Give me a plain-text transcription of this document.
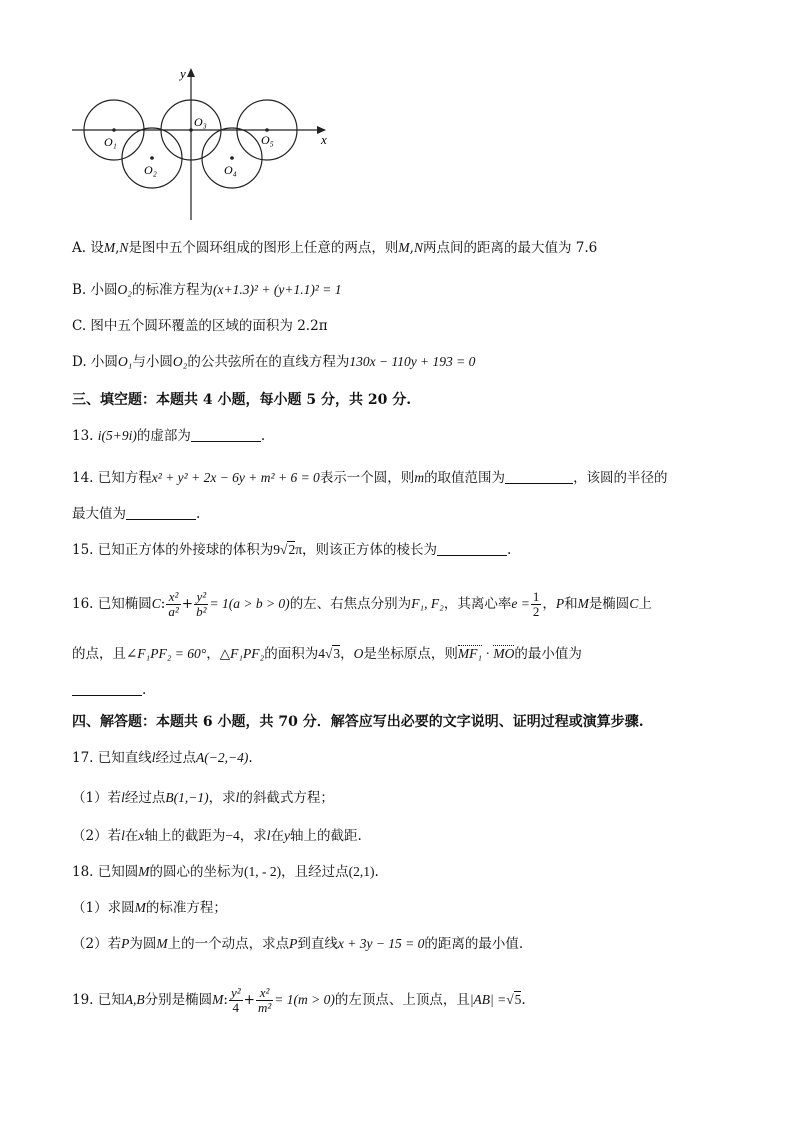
x
y
O₁
O₂
O₃
O₄
O₅
A. 设M,N是图中五个圆环组成的图形上任意的两点，则M,N两点间的距离的最大值为 7.6
B. 小圆O₂的标准方程为(x+1.3)² + (y+1.1)² = 1
C. 图中五个圆环覆盖的区域的面积为 2.2π
D. 小圆O₁与小圆O₂的公共弦所在的直线方程为130x − 110y + 193 = 0
三、填空题：本题共 4 小题，每小题 5 分，共 20 分.
13. i(5+9i)的虚部为	.
14. 已知方程x² + y² + 2x − 6y + m² + 6 = 0表示一个圆，则m的取值范围为	，该圆的半径的
最大值为	.
15. 已知正方体的外接球的体积为9√2π，则该正方体的棱长为	.
16. 已知椭圆C: $\frac{\text{x²}}{\text{a²}} + \frac{\text{y²}}{\text{b²}} = 1(a > b > 0)$的左、右焦点分别为F₁, F₂，其离心率$e = \frac{1}{2}$ ，P和M是椭圆C上
的点，且∠F₁PF₂ = 60°，△F₁PF₂的面积为4√3，O是坐标原点，则MF₁ · MO的最小值为
.
四、解答题：本题共 6 小题，共 70 分．解答应写出必要的文字说明、证明过程或演算步骤.
17. 已知直线l经过点A(−2,−4).
（1）若l经过点B(1,−1)，求l的斜截式方程；
（2）若l在x轴上的截距为−4，求l在y轴上的截距.
18. 已知圆M的圆心的坐标为(1, - 2)，且经过点(2,1).
（1）求圆M的标准方程；
（2）若P为圆M上的一个动点，求点P到直线x + 3y − 15 = 0的距离的最小值.
19. 已知A,B分别是椭圆M: $\frac{\text{y²}}{4} + \frac{\text{x²}}{\text{m²}} = 1(m > 0)$的左顶点、上顶点，且|AB| =√5.
